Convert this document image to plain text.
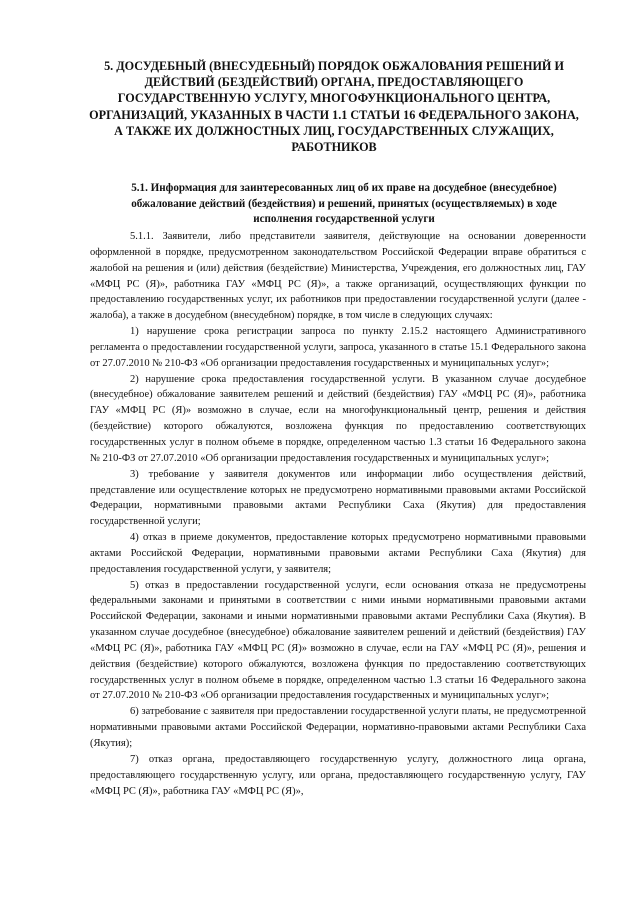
5. ДОСУДЕБНЫЙ (ВНЕСУДЕБНЫЙ) ПОРЯДОК ОБЖАЛОВАНИЯ РЕШЕНИЙ И ДЕЙСТВИЙ (БЕЗДЕЙСТВИЙ) ОРГАНА, ПРЕДОСТАВЛЯЮЩЕГО ГОСУДАРСТВЕННУЮ УСЛУГУ, МНОГОФУНКЦИОНАЛЬНОГО ЦЕНТРА, ОРГАНИЗАЦИЙ, УКАЗАННЫХ В ЧАСТИ 1.1 СТАТЬИ 16 ФЕДЕРАЛЬНОГО ЗАКОНА, А ТАКЖЕ ИХ ДОЛЖНОСТНЫХ ЛИЦ, ГОСУДАРСТВЕННЫХ СЛУЖАЩИХ, РАБОТНИКОВ
5.1. Информация для заинтересованных лиц об их праве на досудебное (внесудебное) обжалование действий (бездействия) и решений, принятых (осуществляемых) в ходе исполнения государственной услуги

5.1.1. Заявители, либо представители заявителя, действующие на основании доверенности оформленной в порядке, предусмотренном законодательством Российской Федерации вправе обратиться с жалобой на решения и (или) действия (бездействие) Министерства, Учреждения, его должностных лиц, ГАУ «МФЦ РС (Я)», работника ГАУ «МФЦ РС (Я)», а также организаций, осуществляющих функции по предоставлению государственных услуг, их работников при предоставлении государственной услуги (далее - жалоба), а также в досудебном (внесудебном) порядке, в том числе в следующих случаях:

1) нарушение срока регистрации запроса по пункту 2.15.2 настоящего Административного регламента о предоставлении государственной услуги, запроса, указанного в статье 15.1 Федерального закона от 27.07.2010 № 210-ФЗ «Об организации предоставления государственных и муниципальных услуг»;

2) нарушение срока предоставления государственной услуги. В указанном случае досудебное (внесудебное) обжалование заявителем решений и действий (бездействия) ГАУ «МФЦ РС (Я)», работника ГАУ «МФЦ РС (Я)» возможно в случае, если на многофункциональный центр, решения и действия (бездействие) которого обжалуются, возложена функция по предоставлению соответствующих государственных услуг в полном объеме в порядке, определенном частью 1.3 статьи 16 Федерального закона № 210-ФЗ от 27.07.2010 «Об организации предоставления государственных и муниципальных услуг»;

3) требование у заявителя документов или информации либо осуществления действий, представление или осуществление которых не предусмотрено нормативными правовыми актами Российской Федерации, нормативными правовыми актами Республики Саха (Якутия) для предоставления государственной услуги;

4) отказ в приеме документов, предоставление которых предусмотрено нормативными правовыми актами Российской Федерации, нормативными правовыми актами Республики Саха (Якутия) для предоставления государственной услуги, у заявителя;

5) отказ в предоставлении государственной услуги, если основания отказа не предусмотрены федеральными законами и принятыми в соответствии с ними иными нормативными правовыми актами Российской Федерации, законами и иными нормативными правовыми актами Республики Саха (Якутия). В указанном случае досудебное (внесудебное) обжалование заявителем решений и действий (бездействия) ГАУ «МФЦ РС (Я)», работника ГАУ «МФЦ РС (Я)» возможно в случае, если на ГАУ «МФЦ РС (Я)», решения и действия (бездействие) которого обжалуются, возложена функция по предоставлению соответствующих государственных услуг в полном объеме в порядке, определенном частью 1.3 статьи 16 Федерального закона от 27.07.2010 № 210-ФЗ «Об организации предоставления государственных и муниципальных услуг»;

6) затребование с заявителя при предоставлении государственной услуги платы, не предусмотренной нормативными правовыми актами Российской Федерации, нормативно-правовыми актами Республики Саха (Якутия);

7) отказ органа, предоставляющего государственную услугу, должностного лица органа, предоставляющего государственную услугу, или органа, предоставляющего государственную услугу, ГАУ «МФЦ РС (Я)», работника ГАУ «МФЦ РС (Я)»,
